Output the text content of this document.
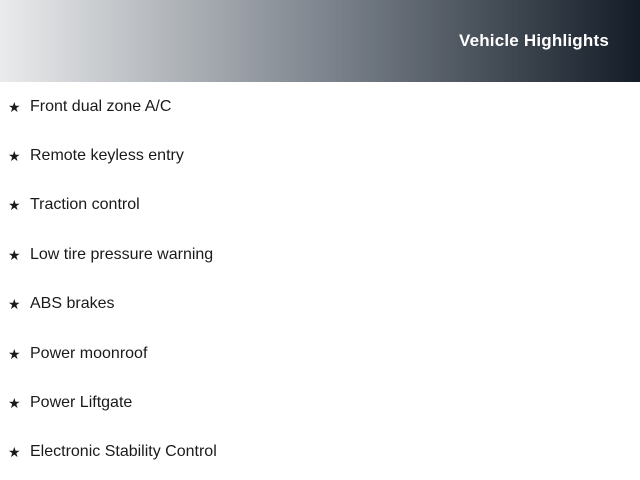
Vehicle Highlights
★ Front dual zone A/C
★ Remote keyless entry
★ Traction control
★ Low tire pressure warning
★ ABS brakes
★ Power moonroof
★ Power Liftgate
★ Electronic Stability Control
